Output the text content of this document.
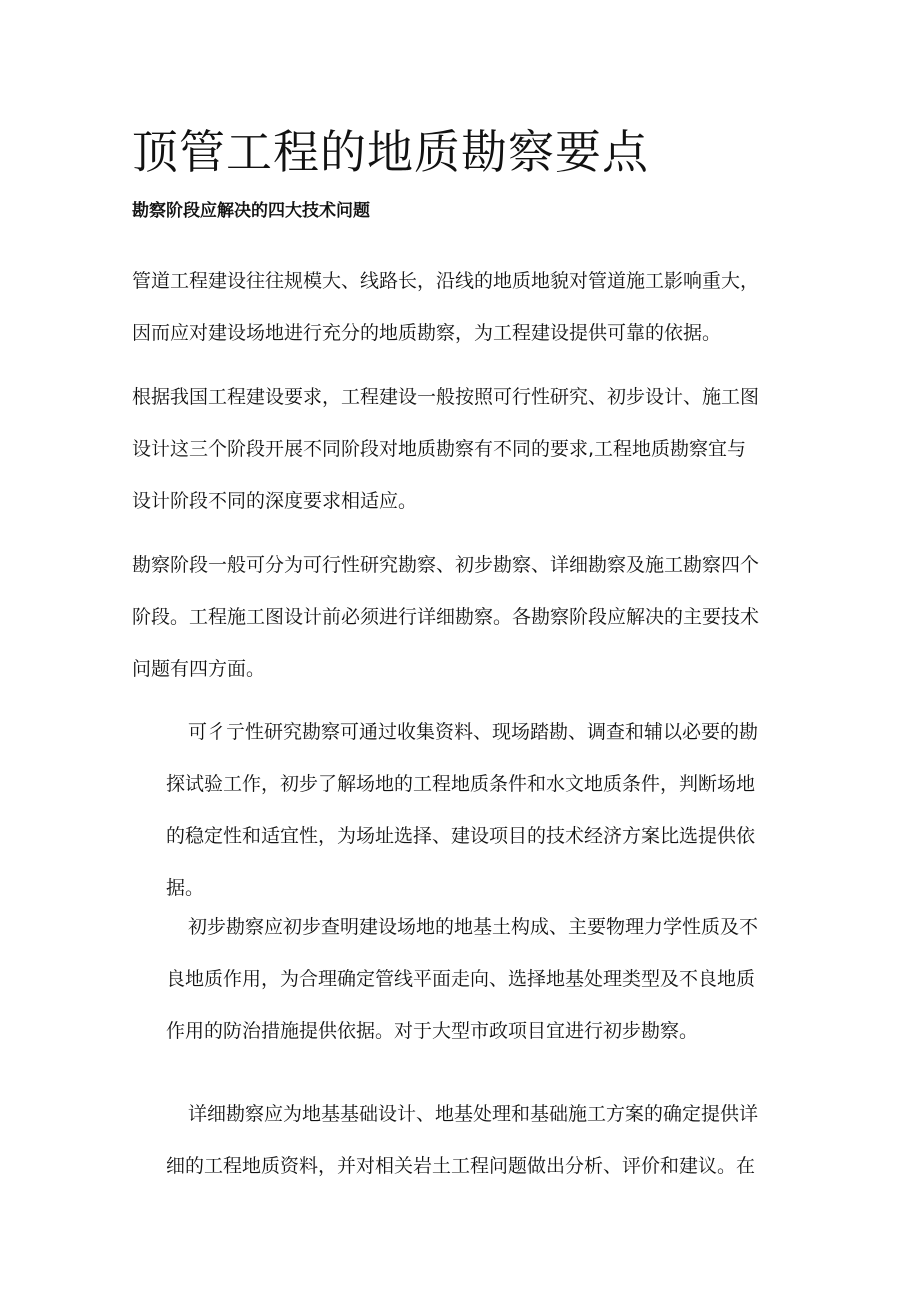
顶管工程的地质勘察要点
勘察阶段应解决的四大技术问题
管道工程建设往往规模大、线路长，沿线的地质地貌对管道施工影响重大，
因而应对建设场地进行充分的地质勘察，为工程建设提供可靠的依据。
根据我国工程建设要求，工程建设一般按照可行性研究、初步设计、施工图
设计这三个阶段开展不同阶段对地质勘察有不同的要求,工程地质勘察宜与
设计阶段不同的深度要求相适应。
勘察阶段一般可分为可行性研究勘察、初步勘察、详细勘察及施工勘察四个
阶段。工程施工图设计前必须进行详细勘察。各勘察阶段应解决的主要技术
问题有四方面。
可彳亍性研究勘察可通过收集资料、现场踏勘、调查和辅以必要的勘
探试验工作，初步了解场地的工程地质条件和水文地质条件，判断场地
的稳定性和适宜性，为场址选择、建设项目的技术经济方案比选提供依
据。
初步勘察应初步查明建设场地的地基土构成、主要物理力学性质及不
良地质作用，为合理确定管线平面走向、选择地基处理类型及不良地质
作用的防治措施提供依据。对于大型市政项目宜进行初步勘察。
详细勘察应为地基基础设计、地基处理和基础施工方案的确定提供详
细的工程地质资料，并对相关岩土工程问题做出分析、评价和建议。在
